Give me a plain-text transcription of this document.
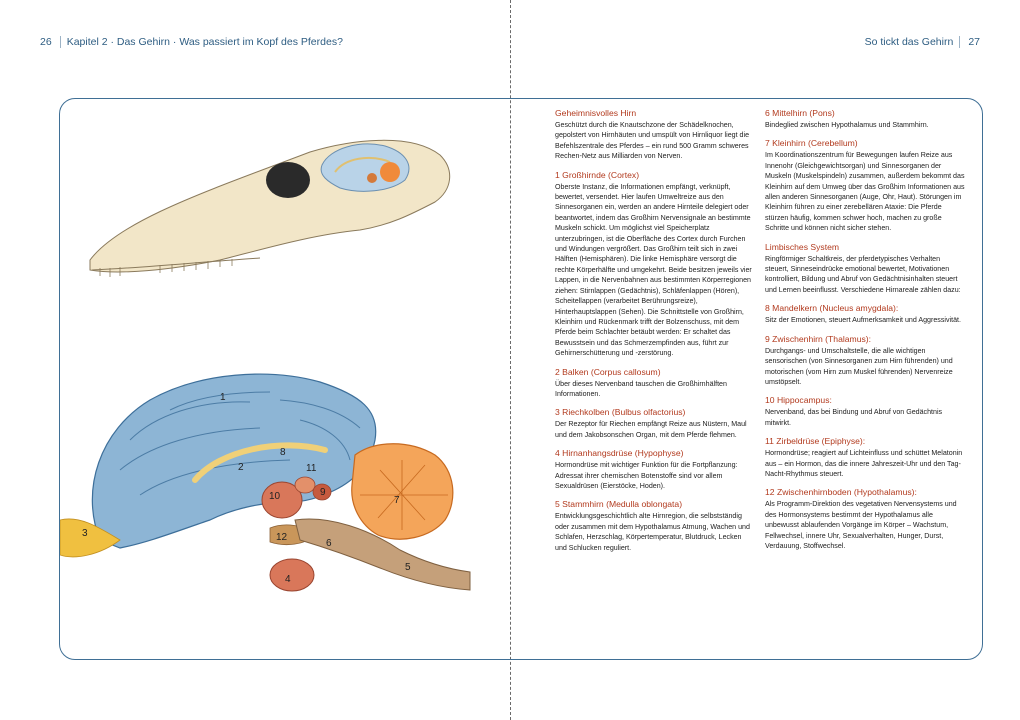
26 Kapitel 2 · Das Gehirn · Was passiert im Kopf des Pferdes?	So tickt das Gehirn 27
1
2
3
4
5
6
7
8
9
10
11
12
Geheimnisvolles Hirn

Geschützt durch die Knautschzone der Schädelknochen, gepolstert von Hirnhäuten und umspült von Hirnliquor liegt die Befehlszentrale des Pferdes – ein rund 500 Gramm schweres Rechen-Netz aus Milliarden von Nerven.

1 Großhirnde (Cortex)

Oberste Instanz, die Informationen empfängt, verknüpft, bewertet, versendet. Hier laufen Umweltreize aus den Sinnesorganen ein, werden an andere Hirnteile delegiert oder beantwortet, indem das Großhirn Nervensignale an bestimmte Muskeln schickt. Um möglichst viel Speicherplatz unterzubringen, ist die Oberfläche des Cortex durch Furchen und Windungen vergrößert. Das Großhirn teilt sich in zwei Hälften (Hemisphären). Die linke Hemisphäre versorgt die rechte Körperhälfte und umgekehrt. Beide besitzen jeweils vier Lappen, in die Nervenbahnen aus bestimmten Körperregionen ziehen: Stirnlappen (Gedächtnis), Schläfenlappen (Hören), Scheitellappen (verarbeitet Berührungsreize), Hinterhauptslappen (Sehen). Die Schnittstelle von Großhirn, Kleinhirn und Rückenmark trifft der Bolzenschuss, mit dem Pferde beim Schlachter betäubt werden: Er schaltet das Bewusstsein und das Schmerzempfinden aus, führt zur Gehirnerschütterung und -zerstörung.

2 Balken (Corpus callosum)

Über dieses Nervenband tauschen die Großhirnhälften Informationen.

3 Riechkolben (Bulbus olfactorius)

Der Rezeptor für Riechen empfängt Reize aus Nüstern, Maul und dem Jakobsonschen Organ, mit dem Pferde flehmen.

4 Hirnanhangsdrüse (Hypophyse)

Hormondrüse mit wichtiger Funktion für die Fortpflanzung: Adressat ihrer chemischen Botenstoffe sind vor allem Sexualdrüsen (Eierstöcke, Hoden).

5 Stammhirn (Medulla oblongata)

Entwicklungsgeschichtlich alte Hirnregion, die selbstständig oder zusammen mit dem Hypothalamus Atmung, Wachen und Schlafen, Herzschlag, Körpertemperatur, Blutdruck, Lecken und Schlucken reguliert.

6 Mittelhirn (Pons)

Bindeglied zwischen Hypothalamus und Stammhirn.

7 Kleinhirn (Cerebellum)

Im Koordinationszentrum für Bewegungen laufen Reize aus Innenohr (Gleichgewichtsorgan) und Sinnesorganen der Muskeln (Muskelspindeln) zusammen, außerdem bekommt das Kleinhirn auf dem Umweg über das Großhirn Informationen aus allen anderen Sinnesorganen (Auge, Ohr, Haut). Störungen im Kleinhirn führen zu einer zerebellären Ataxie: Die Pferde stürzen häufig, kommen schwer hoch, machen zu große Schritte und können nicht sicher stehen.

Limbisches System

Ringförmiger Schaltkreis, der pferdetypisches Verhalten steuert, Sinneseindrücke emotional bewertet, Motivationen kontrolliert, Bildung und Abruf von Gedächtnisinhalten steuert und Lernen beeinflusst. Verschiedene Hirnareale zählen dazu:

8 Mandelkern (Nucleus amygdala):

Sitz der Emotionen, steuert Aufmerksamkeit und Aggressivität.

9 Zwischenhirn (Thalamus):

Durchgangs- und Umschaltstelle, die alle wichtigen sensorischen (von Sinnesorganen zum Hirn führenden) und motorischen (vom Hirn zum Muskel führenden) Nervenreize umstöpselt.

10 Hippocampus:

Nervenband, das bei Bindung und Abruf von Gedächtnis mitwirkt.

11 Zirbeldrüse (Epiphyse):

Hormondrüse; reagiert auf Lichteinfluss und schüttet Melatonin aus – ein Hormon, das die innere Jahreszeit-Uhr und den Tag-Nacht-Rhythmus steuert.

12 Zwischenhirnboden (Hypothalamus):

Als Programm-Direktion des vegetativen Nervensystems und des Hormonsystems bestimmt der Hypothalamus alle unbewusst ablaufenden Vorgänge im Körper – Wachstum, Fellwechsel, innere Uhr, Sexualverhalten, Hunger, Durst, Verdauung, Stoffwechsel.
